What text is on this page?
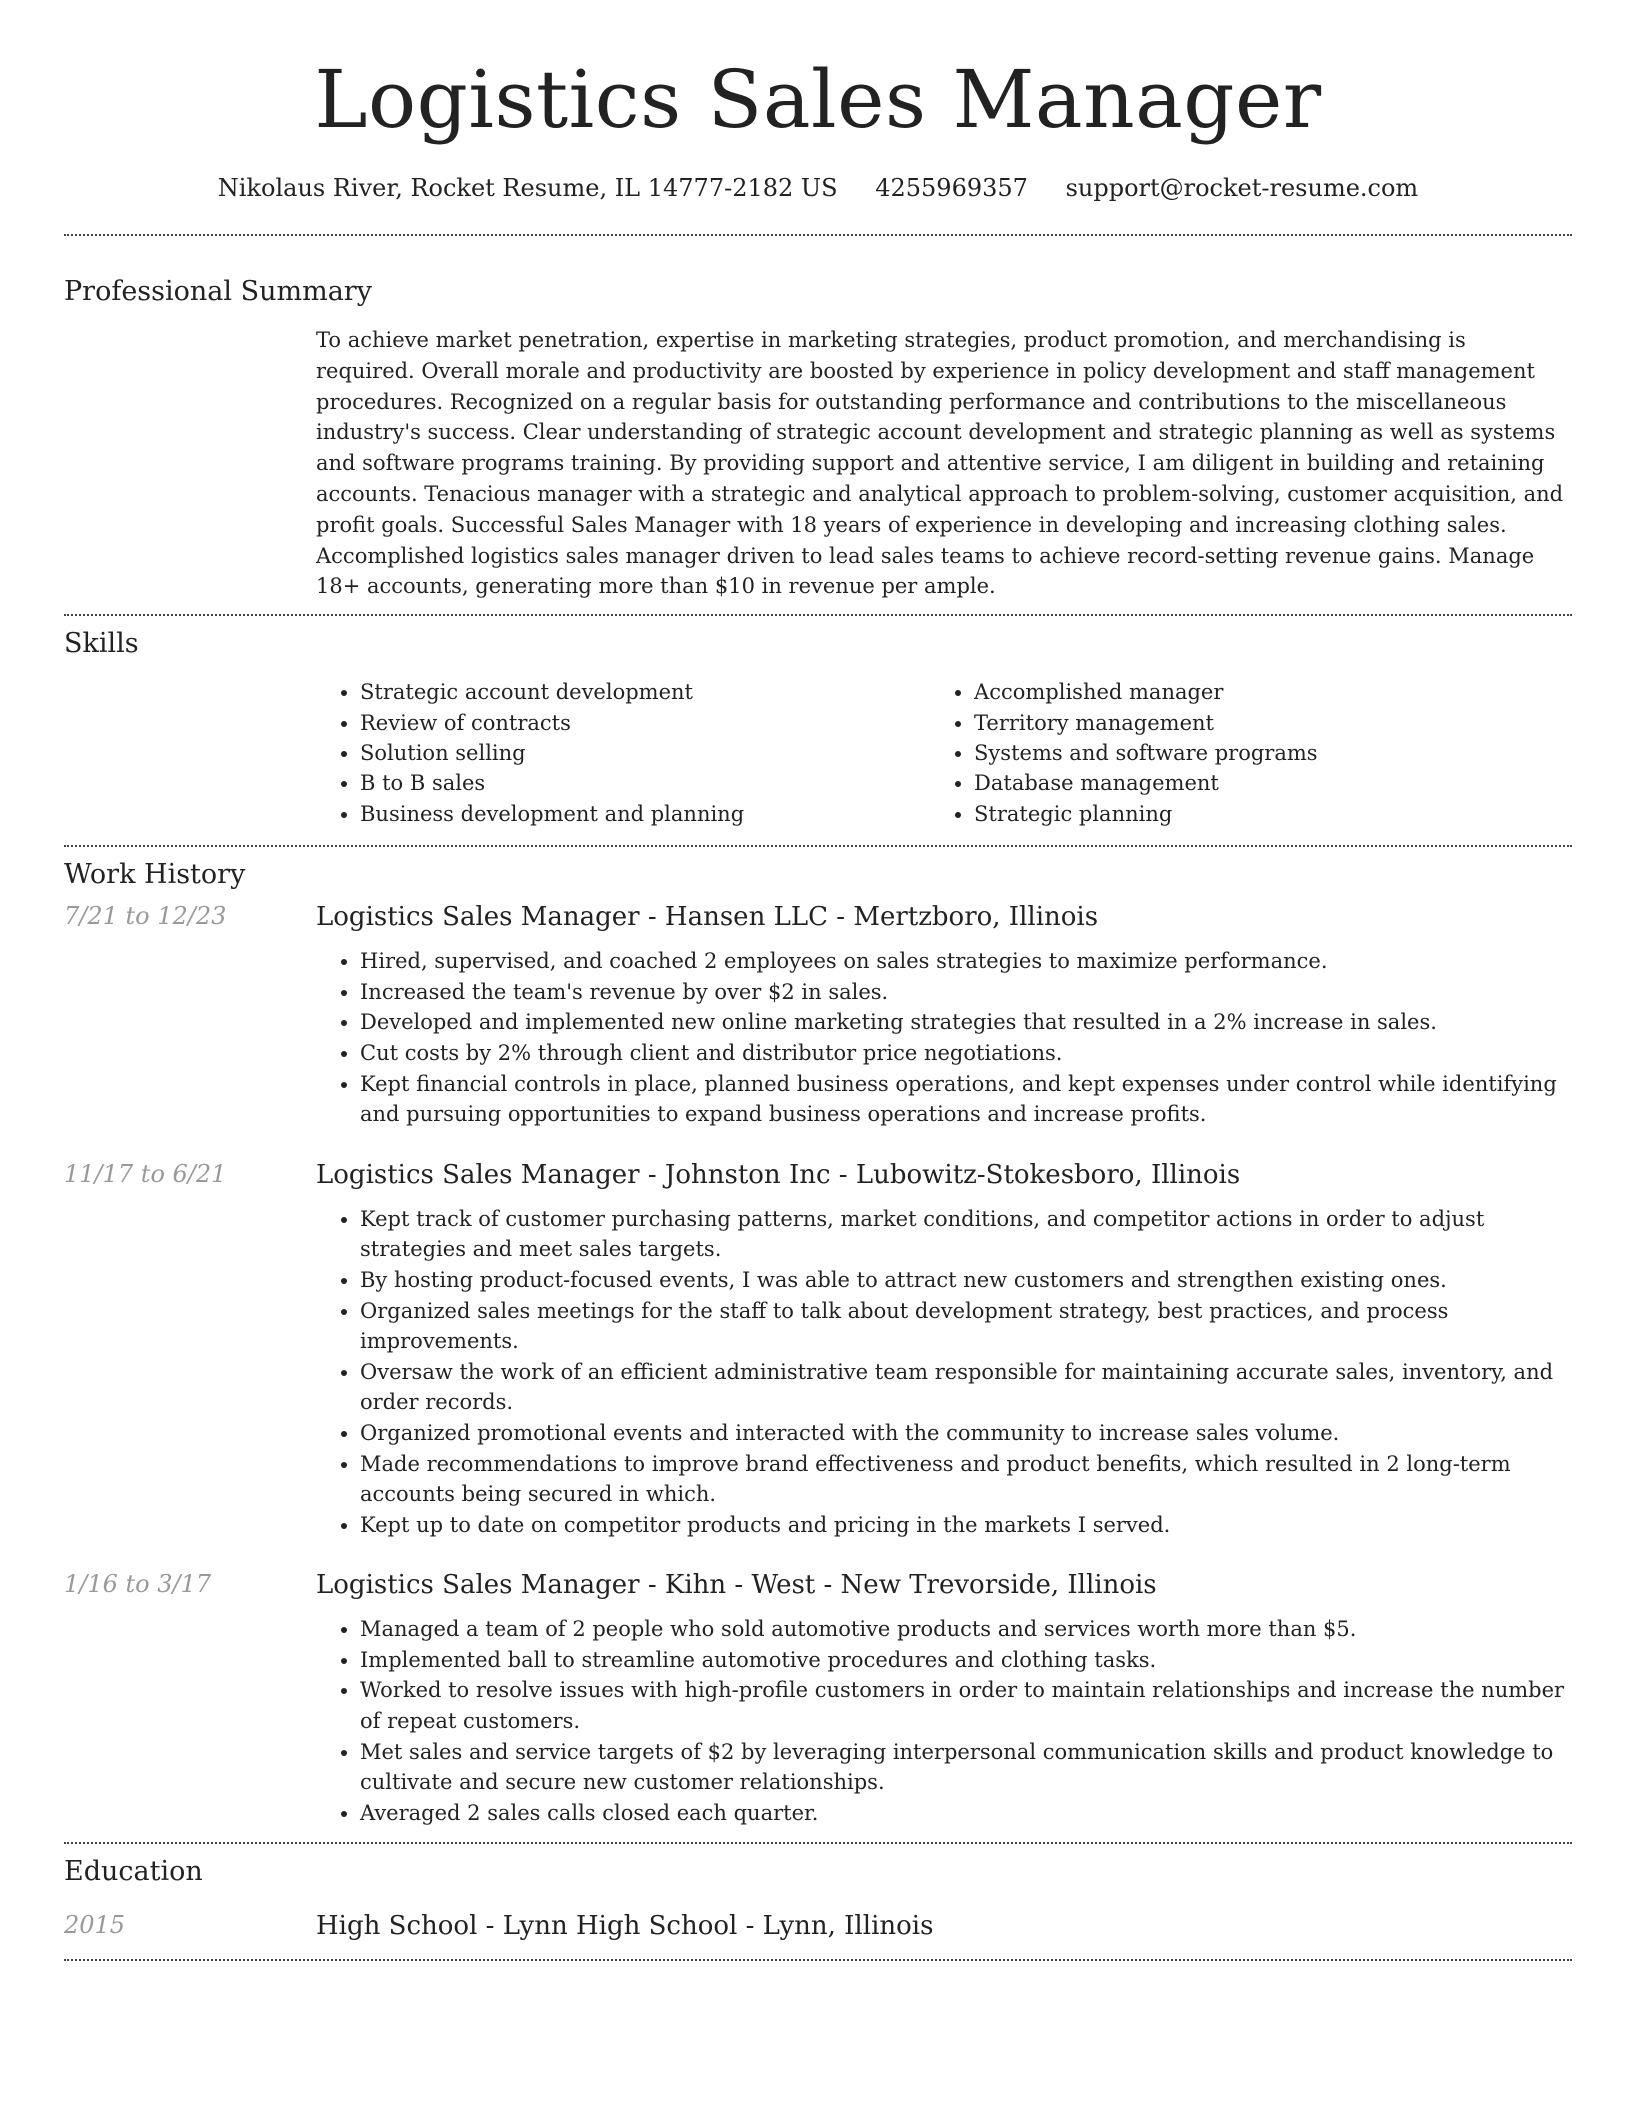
Logistics Sales Manager
Nikolaus River, Rocket Resume, IL 14777-2182 US 4255969357 support@rocket-resume.com
Professional Summary
To achieve market penetration, expertise in marketing strategies, product promotion, and merchandising is required. Overall morale and productivity are boosted by experience in policy development and staff management procedures. Recognized on a regular basis for outstanding performance and contributions to the miscellaneous industry's success. Clear understanding of strategic account development and strategic planning as well as systems and software programs training. By providing support and attentive service, I am diligent in building and retaining accounts. Tenacious manager with a strategic and analytical approach to problem-solving, customer acquisition, and profit goals. Successful Sales Manager with 18 years of experience in developing and increasing clothing sales. Accomplished logistics sales manager driven to lead sales teams to achieve record-setting revenue gains. Manage 18+ accounts, generating more than $10 in revenue per ample.
Skills
• Strategic account development
• Review of contracts
• Solution selling
• B to B sales
• Business development and planning
• Accomplished manager
• Territory management
• Systems and software programs
• Database management
• Strategic planning
Work History
7/21 to 12/23	Logistics Sales Manager - Hansen LLC - Mertzboro, Illinois
• Hired, supervised, and coached 2 employees on sales strategies to maximize performance.
• Increased the team's revenue by over $2 in sales.
• Developed and implemented new online marketing strategies that resulted in a 2% increase in sales.
• Cut costs by 2% through client and distributor price negotiations.
• Kept financial controls in place, planned business operations, and kept expenses under control while identifying and pursuing opportunities to expand business operations and increase profits.
11/17 to 6/21	Logistics Sales Manager - Johnston Inc - Lubowitz-Stokesboro, Illinois
• Kept track of customer purchasing patterns, market conditions, and competitor actions in order to adjust strategies and meet sales targets.
• By hosting product-focused events, I was able to attract new customers and strengthen existing ones.
• Organized sales meetings for the staff to talk about development strategy, best practices, and process improvements.
• Oversaw the work of an efficient administrative team responsible for maintaining accurate sales, inventory, and order records.
• Organized promotional events and interacted with the community to increase sales volume.
• Made recommendations to improve brand effectiveness and product benefits, which resulted in 2 long-term accounts being secured in which.
• Kept up to date on competitor products and pricing in the markets I served.
1/16 to 3/17	Logistics Sales Manager - Kihn - West - New Trevorside, Illinois
• Managed a team of 2 people who sold automotive products and services worth more than $5.
• Implemented ball to streamline automotive procedures and clothing tasks.
• Worked to resolve issues with high-profile customers in order to maintain relationships and increase the number of repeat customers.
• Met sales and service targets of $2 by leveraging interpersonal communication skills and product knowledge to cultivate and secure new customer relationships.
• Averaged 2 sales calls closed each quarter.
Education
2015	High School - Lynn High School - Lynn, Illinois
